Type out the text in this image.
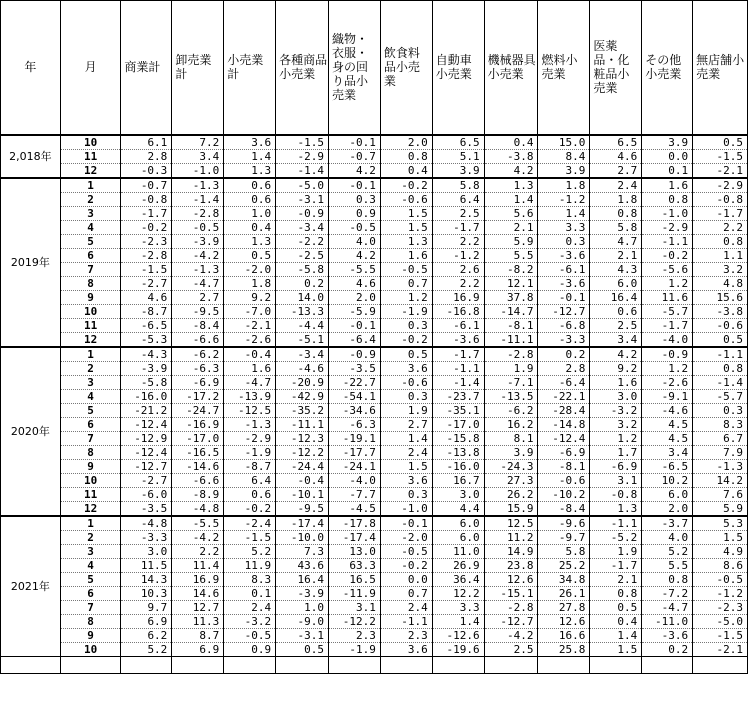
年	月	商業計	卸売業計	小売業計	各種商品小売業	織物・衣服・身の回り品小売業	飲食料品小売業	自動車小売業	機械器具小売業	燃料小売業	医薬品・化粧品小売業	その他小売業	無店舗小売業
2,018年	10	6.1	7.2	3.6	-1.5	-0.1	2.0	6.5	0.4	15.0	6.5	3.9	0.5
	11	2.8	3.4	1.4	-2.9	-0.7	0.8	5.1	-3.8	8.4	4.6	0.0	-1.5
	12	-0.3	-1.0	1.3	-1.4	4.2	0.4	3.9	4.2	3.9	2.7	0.1	-2.1
2019年	1	-0.7	-1.3	0.6	-5.0	-0.1	-0.2	5.8	1.3	1.8	2.4	1.6	-2.9
	2	-0.8	-1.4	0.6	-3.1	0.3	-0.6	6.4	1.4	-1.2	1.8	0.8	-0.8
	3	-1.7	-2.8	1.0	-0.9	0.9	1.5	2.5	5.6	1.4	0.8	-1.0	-1.7
	4	-0.2	-0.5	0.4	-3.4	-0.5	1.5	-1.7	2.1	3.3	5.8	-2.9	2.2
	5	-2.3	-3.9	1.3	-2.2	4.0	1.3	2.2	5.9	0.3	4.7	-1.1	0.8
	6	-2.8	-4.2	0.5	-2.5	4.2	1.6	-1.2	5.5	-3.6	2.1	-0.2	1.1
	7	-1.5	-1.3	-2.0	-5.8	-5.5	-0.5	2.6	-8.2	-6.1	4.3	-5.6	3.2
	8	-2.7	-4.7	1.8	0.2	4.6	0.7	2.2	12.1	-3.6	6.0	1.2	4.8
	9	4.6	2.7	9.2	14.0	2.0	1.2	16.9	37.8	-0.1	16.4	11.6	15.6
	10	-8.7	-9.5	-7.0	-13.3	-5.9	-1.9	-16.8	-14.7	-12.7	0.6	-5.7	-3.8
	11	-6.5	-8.4	-2.1	-4.4	-0.1	0.3	-6.1	-8.1	-6.8	2.5	-1.7	-0.6
	12	-5.3	-6.6	-2.6	-5.1	-6.4	-0.2	-3.6	-11.1	-3.3	3.4	-4.0	0.5
2020年	1	-4.3	-6.2	-0.4	-3.4	-0.9	0.5	-1.7	-2.8	0.2	4.2	-0.9	-1.1
	2	-3.9	-6.3	1.6	-4.6	-3.5	3.6	-1.1	1.9	2.8	9.2	1.2	0.8
	3	-5.8	-6.9	-4.7	-20.9	-22.7	-0.6	-1.4	-7.1	-6.4	1.6	-2.6	-1.4
	4	-16.0	-17.2	-13.9	-42.9	-54.1	0.3	-23.7	-13.5	-22.1	3.0	-9.1	-5.7
	5	-21.2	-24.7	-12.5	-35.2	-34.6	1.9	-35.1	-6.2	-28.4	-3.2	-4.6	0.3
	6	-12.4	-16.9	-1.3	-11.1	-6.3	2.7	-17.0	16.2	-14.8	3.2	4.5	8.3
	7	-12.9	-17.0	-2.9	-12.3	-19.1	1.4	-15.8	8.1	-12.4	1.2	4.5	6.7
	8	-12.4	-16.5	-1.9	-12.2	-17.7	2.4	-13.8	3.9	-6.9	1.7	3.4	7.9
	9	-12.7	-14.6	-8.7	-24.4	-24.1	1.5	-16.0	-24.3	-8.1	-6.9	-6.5	-1.3
	10	-2.7	-6.6	6.4	-0.4	-4.0	3.6	16.7	27.3	-0.6	3.1	10.2	14.2
	11	-6.0	-8.9	0.6	-10.1	-7.7	0.3	3.0	26.2	-10.2	-0.8	6.0	7.6
	12	-3.5	-4.8	-0.2	-9.5	-4.5	-1.0	4.4	15.9	-8.4	1.3	2.0	5.9
2021年	1	-4.8	-5.5	-2.4	-17.4	-17.8	-0.1	6.0	12.5	-9.6	-1.1	-3.7	5.3
	2	-3.3	-4.2	-1.5	-10.0	-17.4	-2.0	6.0	11.2	-9.7	-5.2	4.0	1.5
	3	3.0	2.2	5.2	7.3	13.0	-0.5	11.0	14.9	5.8	1.9	5.2	4.9
	4	11.5	11.4	11.9	43.6	63.3	-0.2	26.9	23.8	25.2	-1.7	5.5	8.6
	5	14.3	16.9	8.3	16.4	16.5	0.0	36.4	12.6	34.8	2.1	0.8	-0.5
	6	10.3	14.6	0.1	-3.9	-11.9	0.7	12.2	-15.1	26.1	0.8	-7.2	-1.2
	7	9.7	12.7	2.4	1.0	3.1	2.4	3.3	-2.8	27.8	0.5	-4.7	-2.3
	8	6.9	11.3	-3.2	-9.0	-12.2	-1.1	1.4	-12.7	12.6	0.4	-11.0	-5.0
	9	6.2	8.7	-0.5	-3.1	2.3	2.3	-12.6	-4.2	16.6	1.4	-3.6	-1.5
	10	5.2	6.9	0.9	0.5	-1.9	3.6	-19.6	2.5	25.8	1.5	0.2	-2.1
